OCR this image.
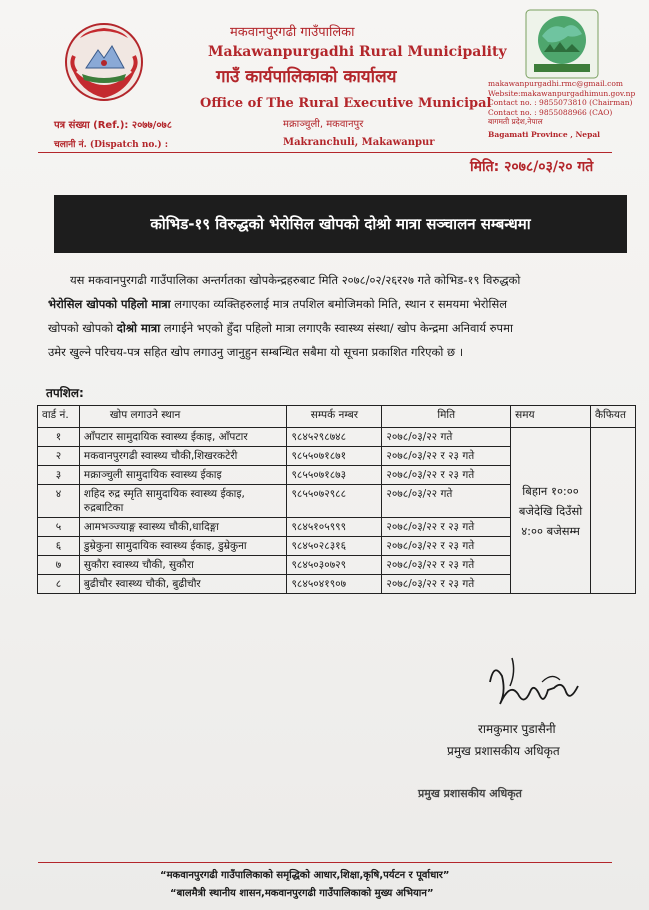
मकवानपुरगढी गाउँपालिका
Makawanpurgadhi Rural Municipality
गाउँ कार्यपालिकाको कार्यालय
Office of The Rural Executive Municipal
मक्राञ्चुली, मकवानपुर
Makranchuli, Makawanpur
पत्र संख्या (Ref.): २०७७/०७८
चलानी नं. (Dispatch no.) :
makawanpurgadhi.rmc@gmail.com
Website:makawanpurgadhimun.gov.np
Contact no. : 9855073810 (Chairman)
Contact no. : 9855088966 (CAO)
बागमती प्रदेश,नेपाल
Bagamati Province , Nepal
मिति: २०७८/०३/२० गते
कोभिड-१९ विरुद्धको भेरोसिल खोपको दोश्रो मात्रा सञ्चालन सम्बन्धमा
यस मकवानपुरगढी गाउँपालिका अन्तर्गतका खोपकेन्द्रहरुबाट मिति २०७८/०२/२६र२७ गते कोभिड-१९ विरुद्धको
भेरोसिल खोपको पहिलो मात्रा लगाएका व्यक्तिहरुलाई मात्र तपशिल बमोजिमको मिति, स्थान र समयमा भेरोसिल
खोपको खोपको दोश्रो मात्रा लगाईने भएको हुँदा पहिलो मात्रा लगाएकै स्वास्थ्य संस्था/ खोप केन्द्रमा अनिवार्य रुपमा
उमेर खुल्ने परिचय-पत्र सहित खोप लगाउनु जानुहुन सम्बन्धित सबैमा यो सूचना प्रकाशित गरिएको छ ।
तपशिल:
वार्ड नं.	खोप लगाउने स्थान	सम्पर्क नम्बर	मिति	समय	कैफियत
१	आँपटार सामुदायिक स्वास्थ्य ईकाइ, आँपटार	९८४५२९८७४८	२०७८/०३/२२ गते	बिहान १०:०० बजेदेखि दिउँसो ४:०० बजेसम्म	
२	मकवानपुरगढी स्वास्थ्य चौकी,शिखरकटेरी	९८५५०७१८७१	२०७८/०३/२२ र २३ गते		
३	मक्राञ्चुली सामुदायिक स्वास्थ्य ईकाइ	९८५५०७१८७३	२०७८/०३/२२ र २३ गते		
४	शहिद रुद्र स्मृति सामुदायिक स्वास्थ्य ईकाइ, रुद्रबाटिका	९८५५०७२९८८	२०७८/०३/२२ गते		
५	आमभञ्ज्याङ्ग स्वास्थ्य चौकी,धादिङ्गा	९८४५१०५९९९	२०७८/०३/२२ र २३ गते		
६	डुम्रेकुना सामुदायिक स्वास्थ्य ईकाइ, डुम्रेकुना	९८४५०२८३१६	२०७८/०३/२२ र २३ गते		
७	सुकौरा स्वास्थ्य चौकी, सुकौरा	९८४५०३०७२९	२०७८/०३/२२ र २३ गते		
८	बुढीचौर स्वास्थ्य चौकी, बुढीचौर	९८४५०४१९०७	२०७८/०३/२२ र २३ गते		
रामकुमार पुडासैनी
प्रमुख प्रशासकीय अधिकृत
प्रमुख प्रशासकीय अधिकृत
“मकवानपुरगढी गाउँपालिकाको समृद्धिको आधार,शिक्षा,कृषि,पर्यटन र पूर्वाधार”
“बालमैत्री स्थानीय शासन,मकवानपुरगढी गाउँपालिकाको मुख्य अभियान”
